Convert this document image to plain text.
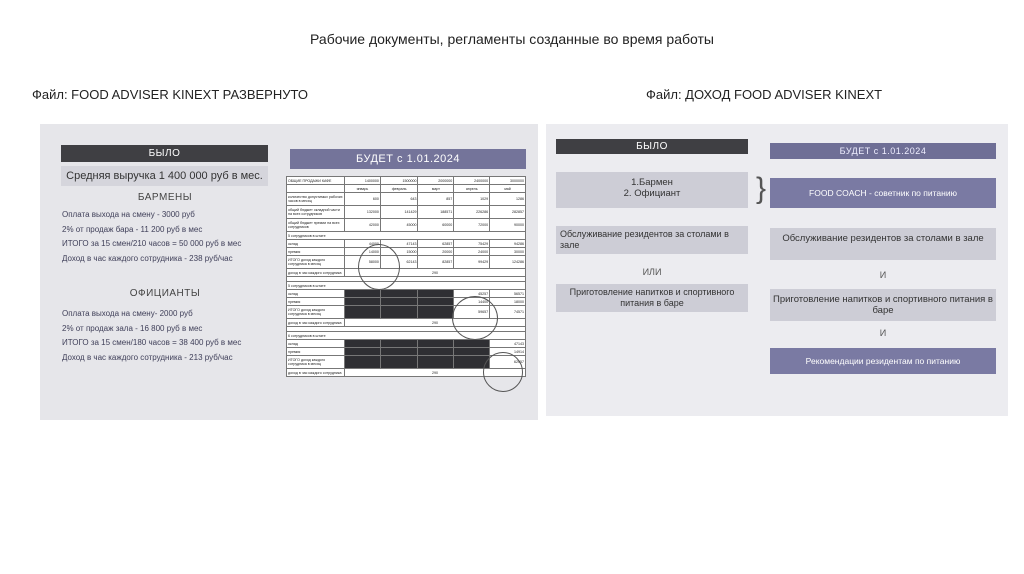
Рабочие документы, регламенты созданные во время работы
Файл: FOOD ADVISER KINEXT РАЗВЕРНУТО	Файл: ДОХОД FOOD ADVISER KINEXT
БЫЛО
Средняя выручка 1 400 000 руб в мес.
БАРМЕНЫ
Оплата выхода на смену - 3000 руб
2% от продаж бара - 11 200 руб в мес
ИТОГО за 15 смен/210 часов = 50 000 руб в мес
Доход в час каждого сотрудника - 238 руб/час
ОФИЦИАНТЫ
Оплата выхода на смену- 2000 руб
2% от продаж зала - 16 800 руб в мес
ИТОГО за 15 смен/180 часов = 38 400 руб в мес
Доход в час каждого сотрудника - 213 руб/час
БУДЕТ с 1.01.2024
ОБЩИЕ ПРОДАЖИ КАФЕ	1400000	1500000	2000000	2400000	3000000
	январь	февраль	март	апрель	май
количество допустимых рабочих часов в месяц	600	643	857	1029	1286
общий бюджет окладной части на всех сотрудников	132000	141429	188571	226286	282857
общий бюджет премии на всех сотрудников	42000	45000	60000	72000	90000
5 сотрудников в штате					
оклад	44000	47143	62857	75429	94286
премия	14000	15000	20000	24000	30000
ИТОГО доход каждого сотрудника в месяц	58000	62143	82857	99429	124286
доход в час каждого сотрудника	290				

5 сотрудников в штате					
оклад				45257	56571
премия				14400	18000
ИТОГО доход каждого сотрудника в месяц				59657	74571
доход в час каждого сотрудника	290				

6 сотрудников в штате					
оклад					47143
премия					14914
ИТОГО доход каждого сотрудника в месяц					62057
доход в час каждого сотрудника	290				
БЫЛО	БУДЕТ с 1.01.2024
1.Бармен
2. Официант	}	FOOD COACH - советник по питанию
Обслуживание резидентов за столами в зале
ИЛИ
Приготовление напитков и спортивного питания в баре
Обслуживание резидентов за столами в зале
И
Приготовление напитков и спортивного питания в баре
И
Рекомендации резидентам по питанию
